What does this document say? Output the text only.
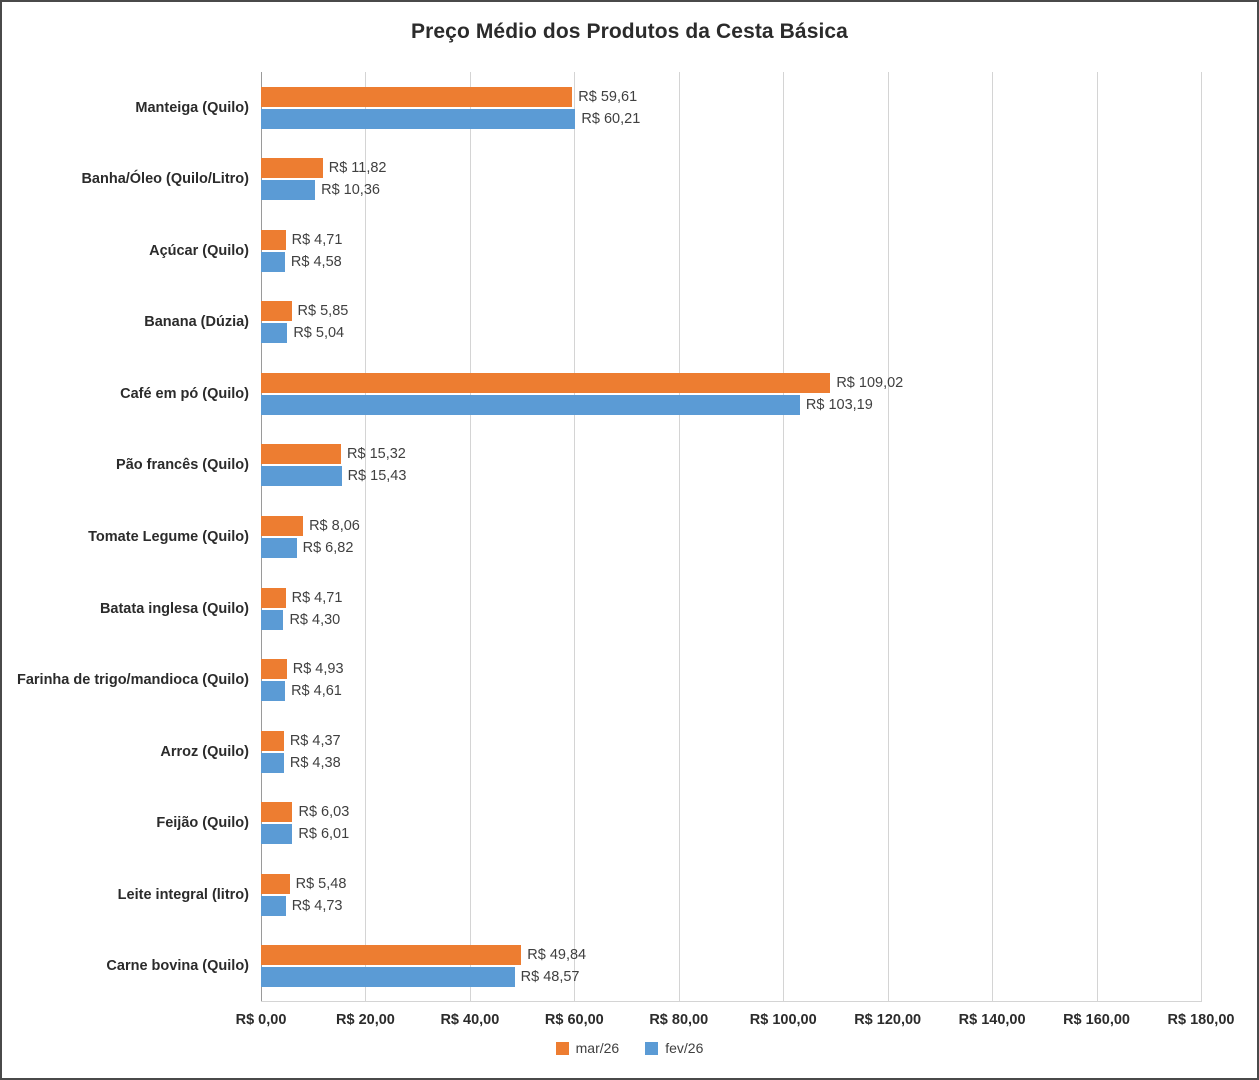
Preço Médio dos Produtos da Cesta Básica
R$ 0,00	R$ 20,00	R$ 40,00	R$ 60,00	R$ 80,00	R$ 100,00	R$ 120,00	R$ 140,00	R$ 160,00	R$ 180,00
Manteiga (Quilo)
R$ 59,61
R$ 60,21
Banha/Óleo (Quilo/Litro)
R$ 11,82
R$ 10,36
Açúcar (Quilo)
R$ 4,71
R$ 4,58
Banana (Dúzia)
R$ 5,85
R$ 5,04
Café em pó (Quilo)
R$ 109,02
R$ 103,19
Pão francês (Quilo)
R$ 15,32
R$ 15,43
Tomate Legume (Quilo)
R$ 8,06
R$ 6,82
Batata inglesa (Quilo)
R$ 4,71
R$ 4,30
Farinha de trigo/mandioca (Quilo)
R$ 4,93
R$ 4,61
Arroz (Quilo)
R$ 4,37
R$ 4,38
Feijão (Quilo)
R$ 6,03
R$ 6,01
Leite integral (litro)
R$ 5,48
R$ 4,73
Carne bovina (Quilo)
R$ 49,84
R$ 48,57
mar/26	fev/26
